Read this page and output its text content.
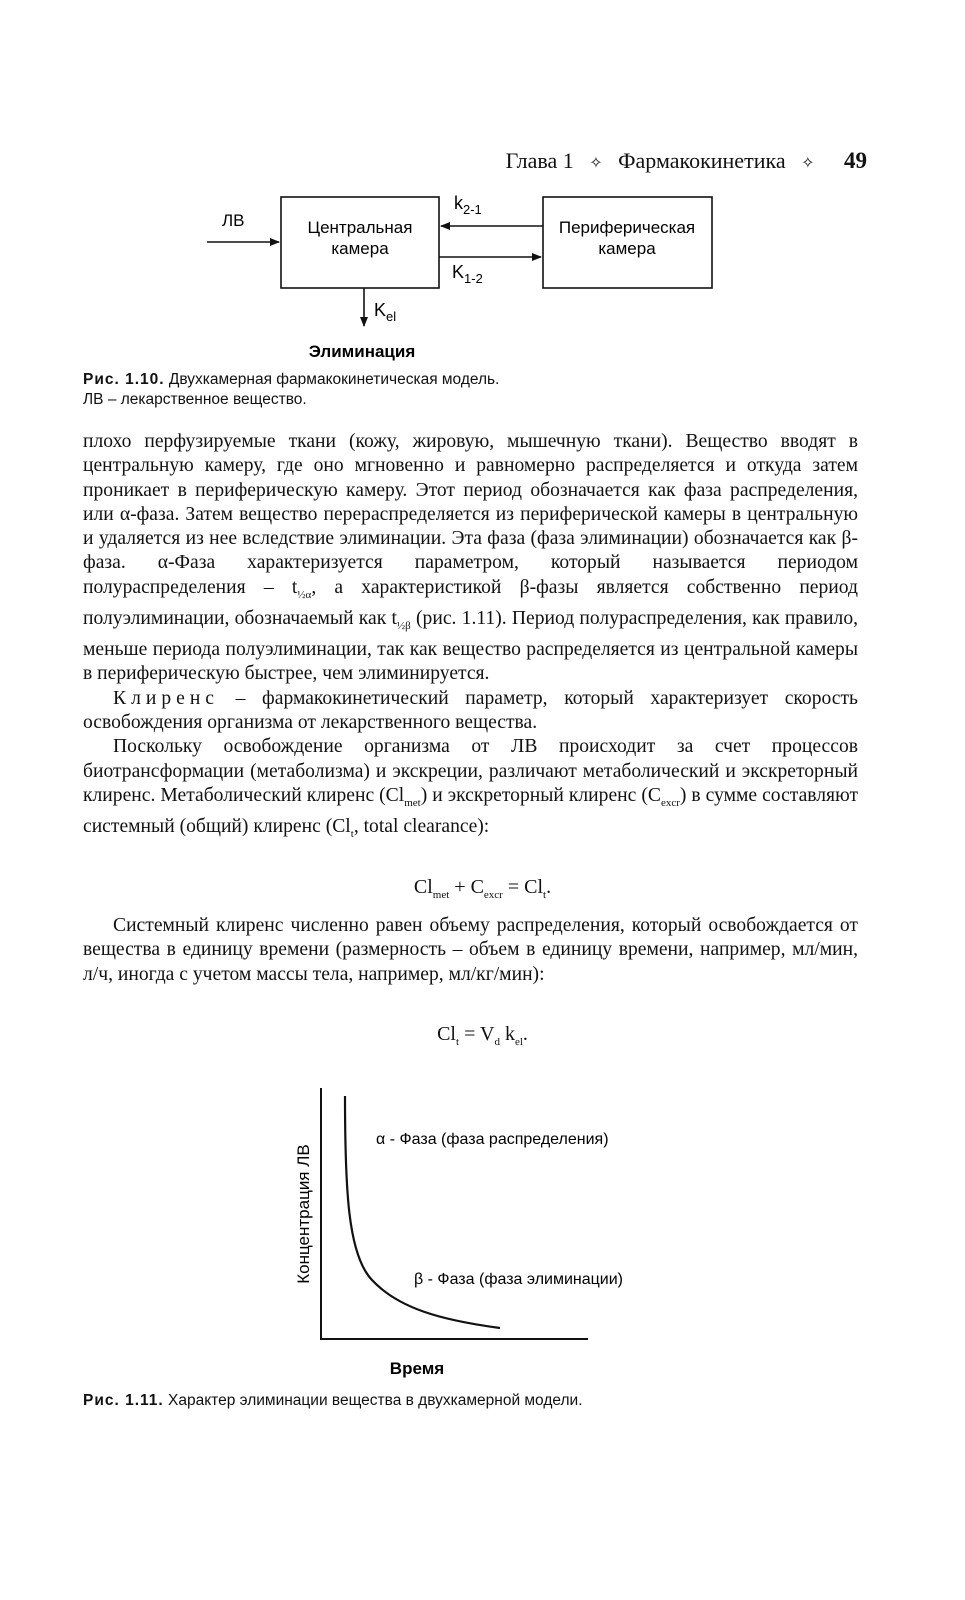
Глава 1 ✧ Фармакокинетика ✧ 49
ЛВ	Центральная
камера
Периферическая
камера
$k_{2-1}$
$K_{1-2}$
$K_{el}$
Элиминация
Рис. 1.10. Двухкамерная фармакокинетическая модель.
ЛВ – лекарственное вещество.

плохо перфузируемые ткани (кожу, жировую, мышечную ткани). Вещество вводят в центральную камеру, где оно мгновенно и равномерно распределяется и откуда затем проникает в периферическую камеру. Этот период обозначается как фаза распределения, или α-фаза. Затем вещество перераспределяется из периферической камеры в центральную и удаляется из нее вследствие элиминации. Эта фаза (фаза элиминации) обозначается как β-фаза. α-Фаза характеризуется параметром, который называется периодом полураспределения – $t_{\frac{1}{2}\alpha}$, а характеристикой β-фазы является собственно период полуэлиминации, обозначаемый как $t_{\frac{1}{2}\beta}$ (рис. 1.11). Период полураспределения, как правило, меньше периода полуэлиминации, так как вещество распределяется из центральной камеры в периферическую быстрее, чем элиминируется.

Клиренс – фармакокинетический параметр, который характеризует скорость освобождения организма от лекарственного вещества.

Поскольку освобождение организма от ЛВ происходит за счет процессов биотрансформации (метаболизма) и экскреции, различают метаболический и экскреторный клиренс. Метаболический клиренс $(Cl_{met})$ и экскреторный клиренс $(C_{excr})$ в сумме составляют системный (общий) клиренс ($Cl_t$, total clearance):

$Cl_{met} + C_{excr} = Cl_t$.

Системный клиренс численно равен объему распределения, который освобождается от вещества в единицу времени (размерность – объем в единицу времени, например, мл/мин, л/ч, иногда с учетом массы тела, например, мл/кг/мин):

$Cl_t = V_d$ $k_{el}$.
α - Фаза (фаза распределения)
β - Фаза (фаза элиминации)
Концентрация ЛВ
Время
Рис. 1.11. Характер элиминации вещества в двухкамерной модели.
